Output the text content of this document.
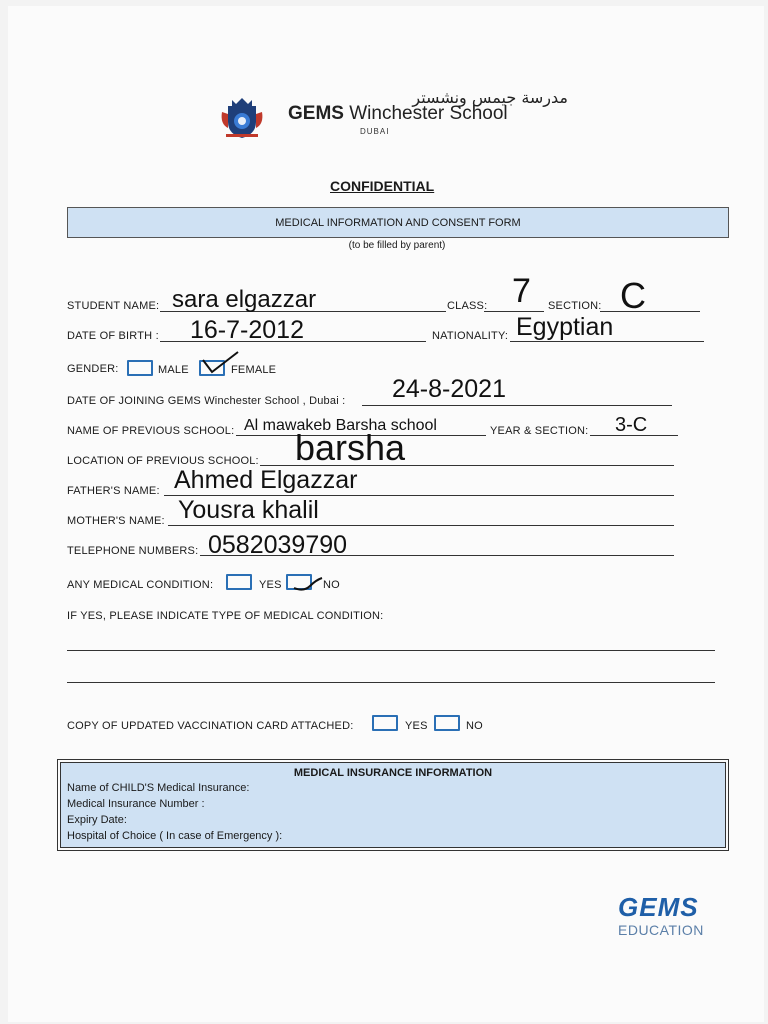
مدرسة جيمس ونشستر
GEMS Winchester School
DUBAI
CONFIDENTIAL
MEDICAL INFORMATION AND CONSENT FORM
(to be filled by parent)
STUDENT NAME: sara elgazzar	CLASS: 7 SECTION: C
DATE OF BIRTH : 16-7-2012	NATIONALITY: Egyptian
GENDER:	MALE	FEMALE
DATE OF JOINING GEMS Winchester School , Dubai : 24-8-2021
NAME OF PREVIOUS SCHOOL: Al mawakeb Barsha school	YEAR & SECTION: 3-C
LOCATION OF PREVIOUS SCHOOL: barsha
FATHER'S NAME: Ahmed Elgazzar
MOTHER'S NAME: Yousra khalil
TELEPHONE NUMBERS: 0582039790
ANY MEDICAL CONDITION:	YES	NO
IF YES, PLEASE INDICATE TYPE OF MEDICAL CONDITION:
COPY OF UPDATED VACCINATION CARD ATTACHED:	YES	NO
MEDICAL INSURANCE INFORMATION
Name of CHILD'S Medical Insurance:
Medical Insurance Number :
Expiry Date:
Hospital of Choice ( In case of Emergency ):
GEMS
EDUCATION
